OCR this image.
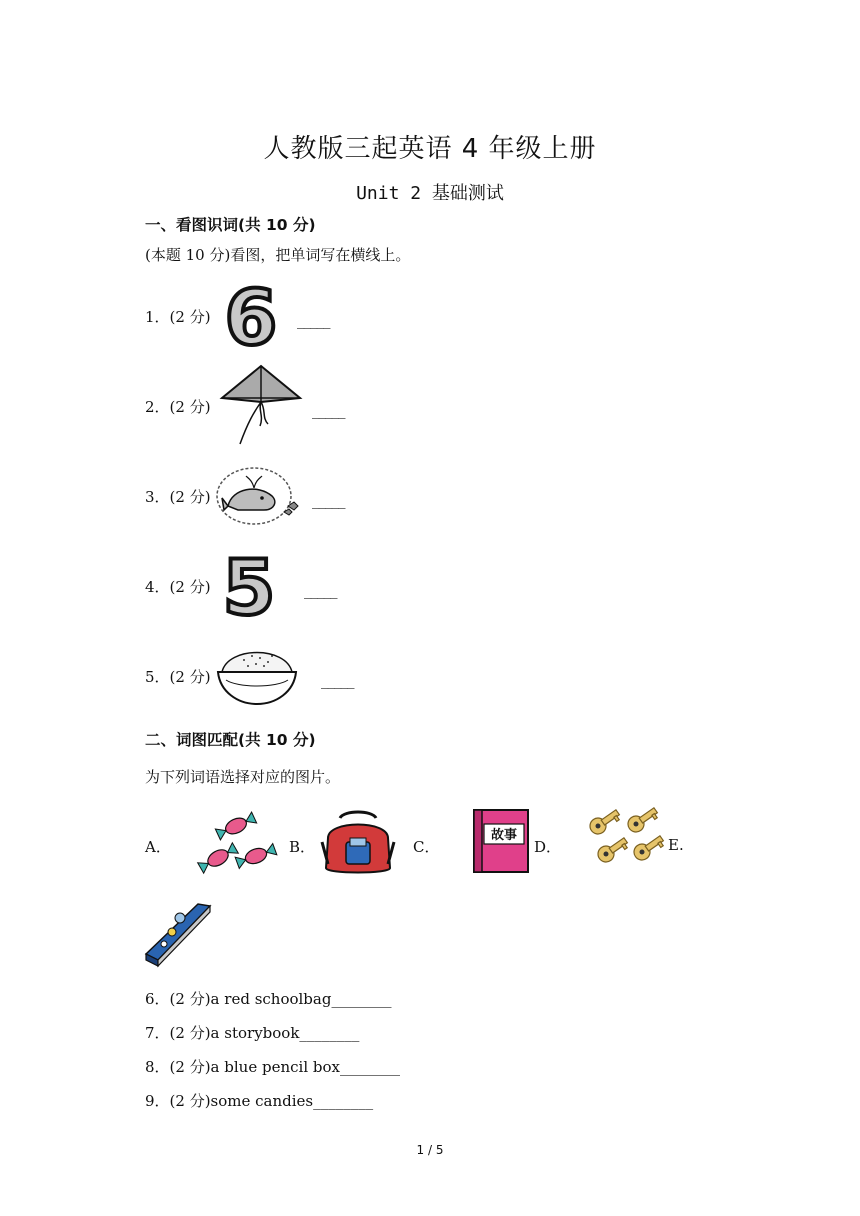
人教版三起英语 4 年级上册
Unit 2 基础测试
一、看图识词(共 10 分)
(本题 10 分)看图，把单词写在横线上。
1．(2 分) 6 _____
2．(2 分)	_____
3．(2 分)	_____
4．(2 分) 5 _____
5．(2 分)	_____
二、词图匹配(共 10 分)
为下列词语选择对应的图片。
A．	B．	C．
故事
D．	E.
6．(2 分)a red schoolbag________
7．(2 分)a storybook________
8．(2 分)a blue pencil box________
9．(2 分)some candies________
1 / 5
